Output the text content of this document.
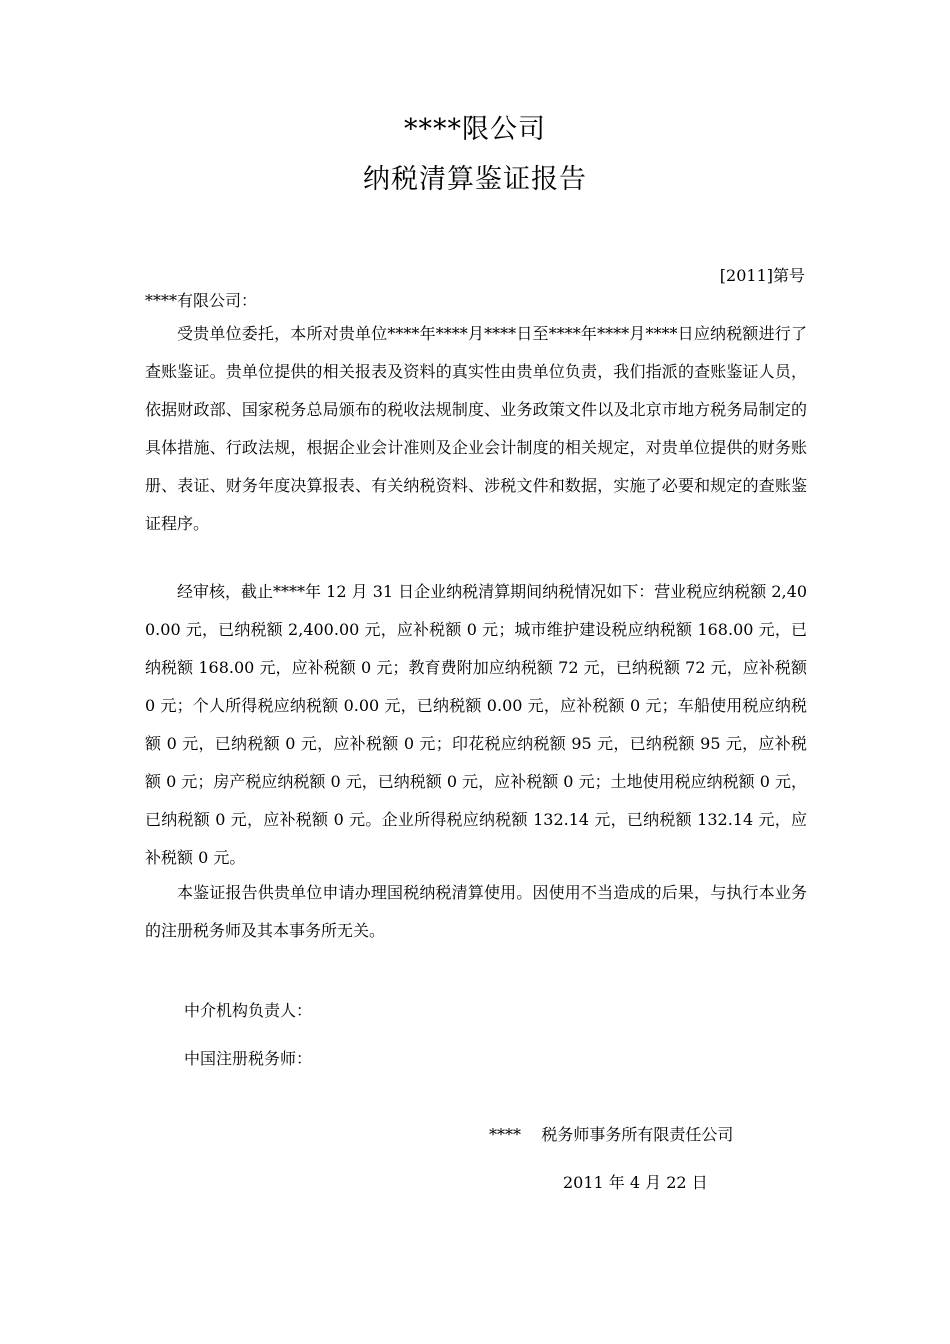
****限公司
纳税清算鉴证报告
[2011]第号
****有限公司：

受贵单位委托，本所对贵单位****年****月****日至****年****月****日应纳税额进行了查账鉴证。贵单位提供的相关报表及资料的真实性由贵单位负责，我们指派的查账鉴证人员，依据财政部、国家税务总局颁布的税收法规制度、业务政策文件以及北京市地方税务局制定的具体措施、行政法规，根据企业会计准则及企业会计制度的相关规定，对贵单位提供的财务账册、表证、财务年度决算报表、有关纳税资料、涉税文件和数据，实施了必要和规定的查账鉴证程序。

经审核，截止****年 12 月 31 日企业纳税清算期间纳税情况如下：营业税应纳税额 2,400.00 元，已纳税额 2,400.00 元，应补税额 0 元；城市维护建设税应纳税额 168.00 元，已纳税额 168.00 元，应补税额 0 元；教育费附加应纳税额 72 元，已纳税额 72 元，应补税额 0 元；个人所得税应纳税额 0.00 元，已纳税额 0.00 元，应补税额 0 元；车船使用税应纳税额 0 元，已纳税额 0 元，应补税额 0 元；印花税应纳税额 95 元，已纳税额 95 元，应补税额 0 元；房产税应纳税额 0 元，已纳税额 0 元，应补税额 0 元；土地使用税应纳税额 0 元，已纳税额 0 元，应补税额 0 元。企业所得税应纳税额 132.14 元，已纳税额 132.14 元，应补税额 0 元。

本鉴证报告供贵单位申请办理国税纳税清算使用。因使用不当造成的后果，与执行本业务的注册税务师及其本事务所无关。

中介机构负责人：
中国注册税务师：
****    税务师事务所有限责任公司
2011 年 4 月 22 日
